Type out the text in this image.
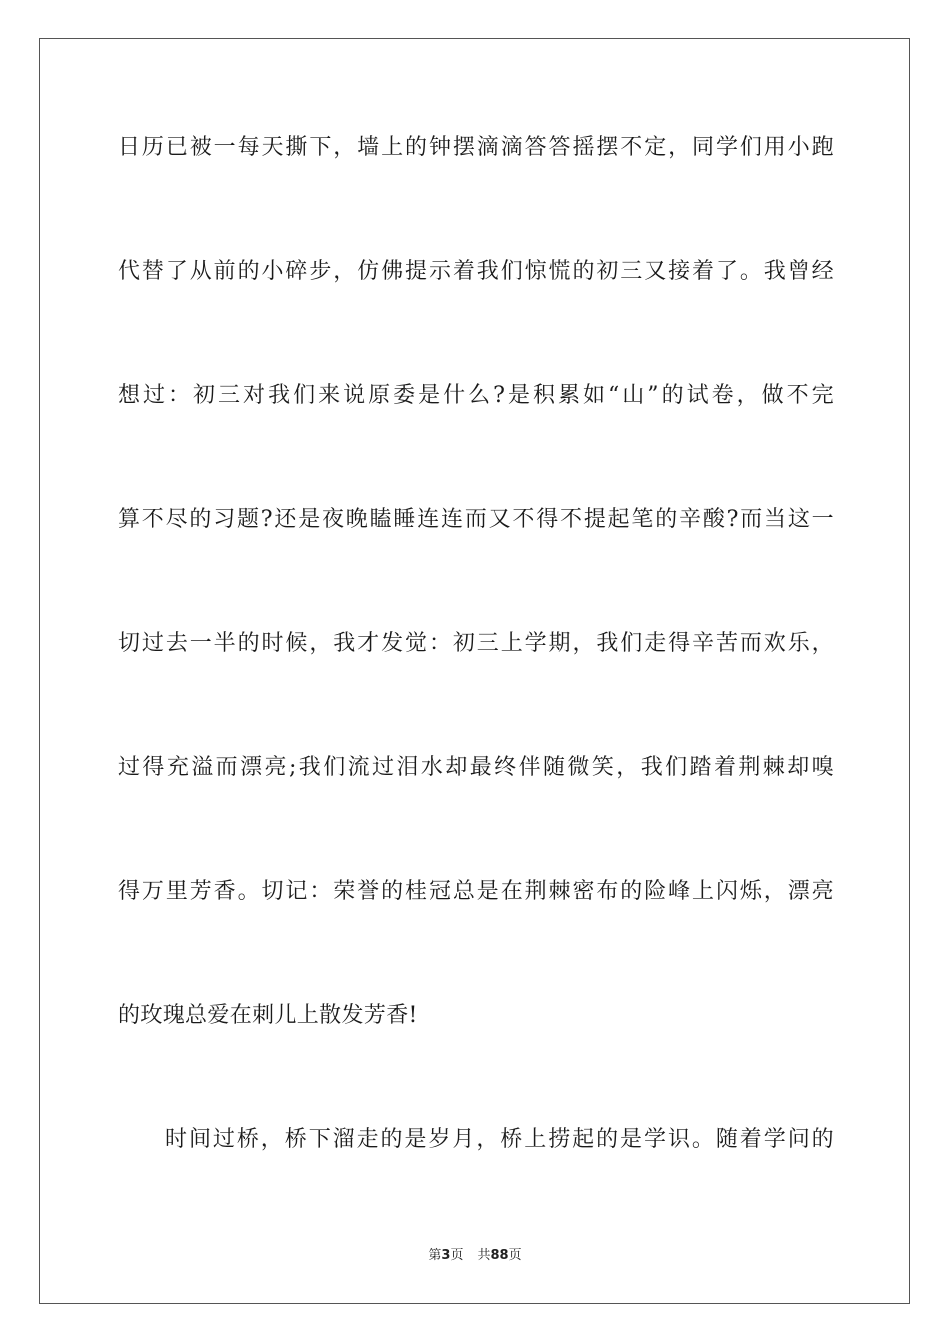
日历已被一每天撕下，墙上的钟摆滴滴答答摇摆不定，同学们用小跑
代替了从前的小碎步，仿佛提示着我们惊慌的初三又接着了。我曾经
想过：初三对我们来说原委是什么?是积累如“山”的试卷，做不完
算不尽的习题?还是夜晚瞌睡连连而又不得不提起笔的辛酸?而当这一
切过去一半的时候，我才发觉：初三上学期，我们走得辛苦而欢乐，
过得充溢而漂亮;我们流过泪水却最终伴随微笑，我们踏着荆棘却嗅
得万里芳香。切记：荣誉的桂冠总是在荆棘密布的险峰上闪烁，漂亮
的玫瑰总爱在刺儿上散发芳香!
时间过桥，桥下溜走的是岁月，桥上捞起的是学识。随着学问的
第3页 共88页
